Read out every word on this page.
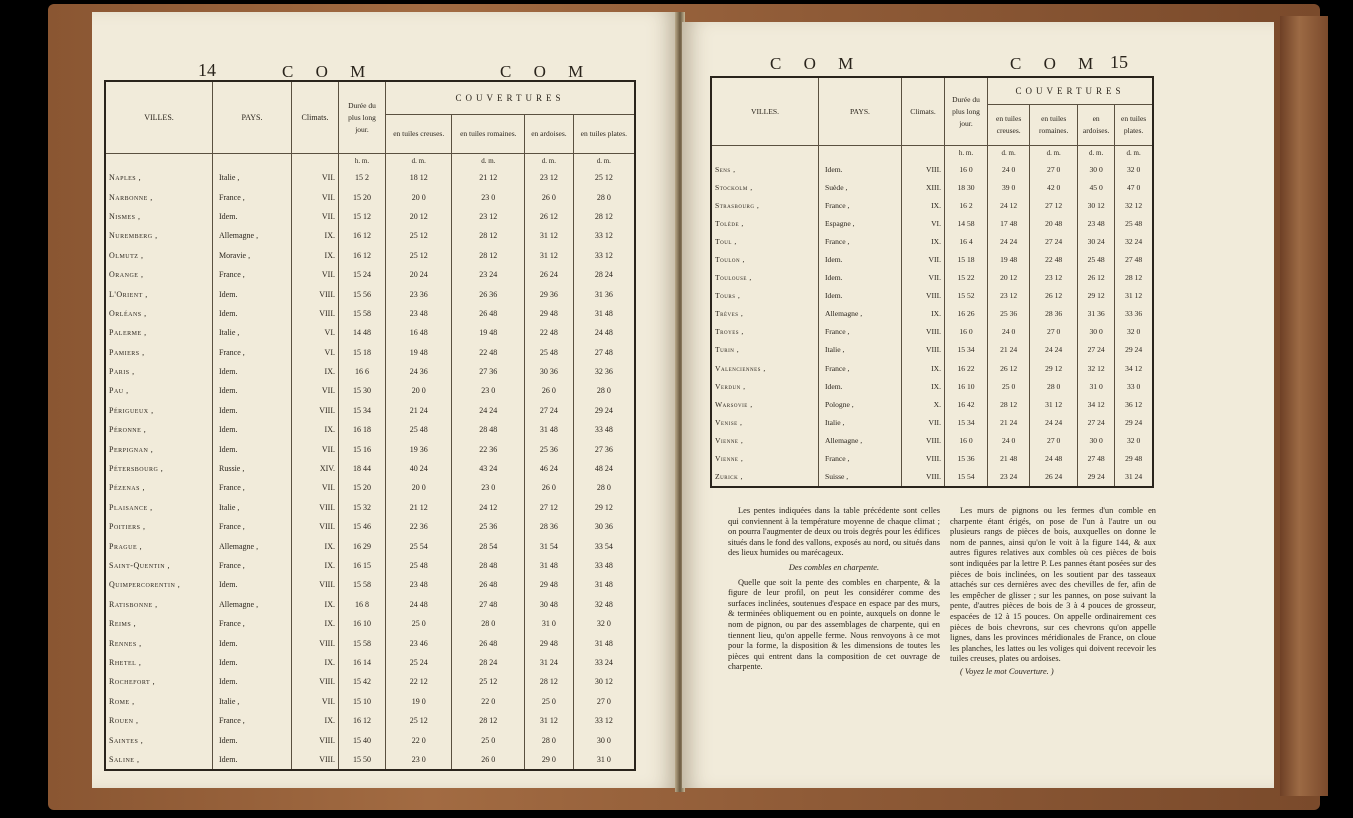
14	C O M	C O M
VILLES.	PAYS.	Climats.	Durée du plus long jour.	COUVERTURES			
				en tuiles creuses.	en tuiles romaines.	en ardoises.	en tuiles plates.
			h. m.	d. m.	d. m.	d. m.	d. m.
Naples ,	Italie ,	VII.	15 2	18 12	21 12	23 12	25 12
Narbonne ,	France ,	VII.	15 20	20 0	23 0	26 0	28 0
Nismes ,	Idem.	VII.	15 12	20 12	23 12	26 12	28 12
Nuremberg ,	Allemagne ,	IX.	16 12	25 12	28 12	31 12	33 12
Olmutz ,	Moravie ,	IX.	16 12	25 12	28 12	31 12	33 12
Orange ,	France ,	VII.	15 24	20 24	23 24	26 24	28 24
L'Orient ,	Idem.	VIII.	15 56	23 36	26 36	29 36	31 36
Orléans ,	Idem.	VIII.	15 58	23 48	26 48	29 48	31 48
Palerme ,	Italie ,	VI.	14 48	16 48	19 48	22 48	24 48
Pamiers ,	France ,	VI.	15 18	19 48	22 48	25 48	27 48
Paris ,	Idem.	IX.	16 6	24 36	27 36	30 36	32 36
Pau ,	Idem.	VII.	15 30	20 0	23 0	26 0	28 0
Périgueux ,	Idem.	VIII.	15 34	21 24	24 24	27 24	29 24
Péronne ,	Idem.	IX.	16 18	25 48	28 48	31 48	33 48
Perpignan ,	Idem.	VII.	15 16	19 36	22 36	25 36	27 36
Pétersbourg ,	Russie ,	XIV.	18 44	40 24	43 24	46 24	48 24
Pézenas ,	France ,	VII.	15 20	20 0	23 0	26 0	28 0
Plaisance ,	Italie ,	VIII.	15 32	21 12	24 12	27 12	29 12
Poitiers ,	France ,	VIII.	15 46	22 36	25 36	28 36	30 36
Prague ,	Allemagne ,	IX.	16 29	25 54	28 54	31 54	33 54
Saint-Quentin ,	France ,	IX.	16 15	25 48	28 48	31 48	33 48
Quimpercorentin ,	Idem.	VIII.	15 58	23 48	26 48	29 48	31 48
Ratisbonne ,	Allemagne ,	IX.	16 8	24 48	27 48	30 48	32 48
Reims ,	France ,	IX.	16 10	25 0	28 0	31 0	32 0
Rennes ,	Idem.	VIII.	15 58	23 46	26 48	29 48	31 48
Rhetel ,	Idem.	IX.	16 14	25 24	28 24	31 24	33 24
Rochefort ,	Idem.	VIII.	15 42	22 12	25 12	28 12	30 12
Rome ,	Italie ,	VII.	15 10	19 0	22 0	25 0	27 0
Rouen ,	France ,	IX.	16 12	25 12	28 12	31 12	33 12
Saintes ,	Idem.	VIII.	15 40	22 0	25 0	28 0	30 0
Saline ,	Idem.	VIII.	15 50	23 0	26 0	29 0	31 0
C O M	C O M 15
VILLES.	PAYS.	Climats.	Durée du plus long jour.	COUVERTURES			
				en tuiles creuses.	en tuiles romaines.	en ardoises.	en tuiles plates.
			h. m.	d. m.	d. m.	d. m.	d. m.
Sens ,	Idem.	VIII.	16 0	24 0	27 0	30 0	32 0
Stockolm ,	Suède ,	XIII.	18 30	39 0	42 0	45 0	47 0
Strasbourg ,	France ,	IX.	16 2	24 12	27 12	30 12	32 12
Tolède ,	Espagne ,	VI.	14 58	17 48	20 48	23 48	25 48
Toul ,	France ,	IX.	16 4	24 24	27 24	30 24	32 24
Toulon ,	Idem.	VII.	15 18	19 48	22 48	25 48	27 48
Toulouse ,	Idem.	VII.	15 22	20 12	23 12	26 12	28 12
Tours ,	Idem.	VIII.	15 52	23 12	26 12	29 12	31 12
Trèves ,	Allemagne ,	IX.	16 26	25 36	28 36	31 36	33 36
Troyes ,	France ,	VIII.	16 0	24 0	27 0	30 0	32 0
Turin ,	Italie ,	VIII.	15 34	21 24	24 24	27 24	29 24
Valenciennes ,	France ,	IX.	16 22	26 12	29 12	32 12	34 12
Verdun ,	Idem.	IX.	16 10	25 0	28 0	31 0	33 0
Warsovie ,	Pologne ,	X.	16 42	28 12	31 12	34 12	36 12
Venise ,	Italie ,	VII.	15 34	21 24	24 24	27 24	29 24
Vienne ,	Allemagne ,	VIII.	16 0	24 0	27 0	30 0	32 0
Vienne ,	France ,	VIII.	15 36	21 48	24 48	27 48	29 48
Zurick ,	Suisse ,	VIII.	15 54	23 24	26 24	29 24	31 24

Les pentes indiquées dans la table précédente sont celles qui conviennent à la température moyenne de chaque climat ; on pourra l'augmenter de deux ou trois degrés pour les édifices situés dans le fond des vallons, exposés au nord, ou situés dans des lieux humides ou marécageux.

Des combles en charpente.

Quelle que soit la pente des combles en charpente, & la figure de leur profil, on peut les considérer comme des surfaces inclinées, soutenues d'espace en espace par des murs, & terminées obliquement ou en pointe, auxquels on donne le nom de pignon, ou par des assemblages de charpente, qui en tiennent lieu, qu'on appelle ferme. Nous renvoyons à ce mot pour la forme, la disposition & les dimensions de toutes les pièces qui entrent dans la composition de cet ouvrage de charpente.

Les murs de pignons ou les fermes d'un comble en charpente étant érigés, on pose de l'un à l'autre un ou plusieurs rangs de pièces de bois, auxquelles on donne le nom de pannes, ainsi qu'on le voit à la figure 144, & aux autres figures relatives aux combles où ces pièces de bois sont indiquées par la lettre P. Les pannes étant posées sur des pièces de bois inclinées, on les soutient par des tasseaux attachés sur ces dernières avec des chevilles de fer, afin de les empêcher de glisser ; sur les pannes, on pose suivant la pente, d'autres pièces de bois de 3 à 4 pouces de grosseur, espacées de 12 à 15 pouces. On appelle ordinairement ces pièces de bois chevrons, sur ces chevrons qu'on appelle lignes, dans les provinces méridionales de France, on cloue les planches, les lattes ou les voliges qui doivent recevoir les tuiles creuses, plates ou ardoises.

( Voyez le mot Couverture. )
